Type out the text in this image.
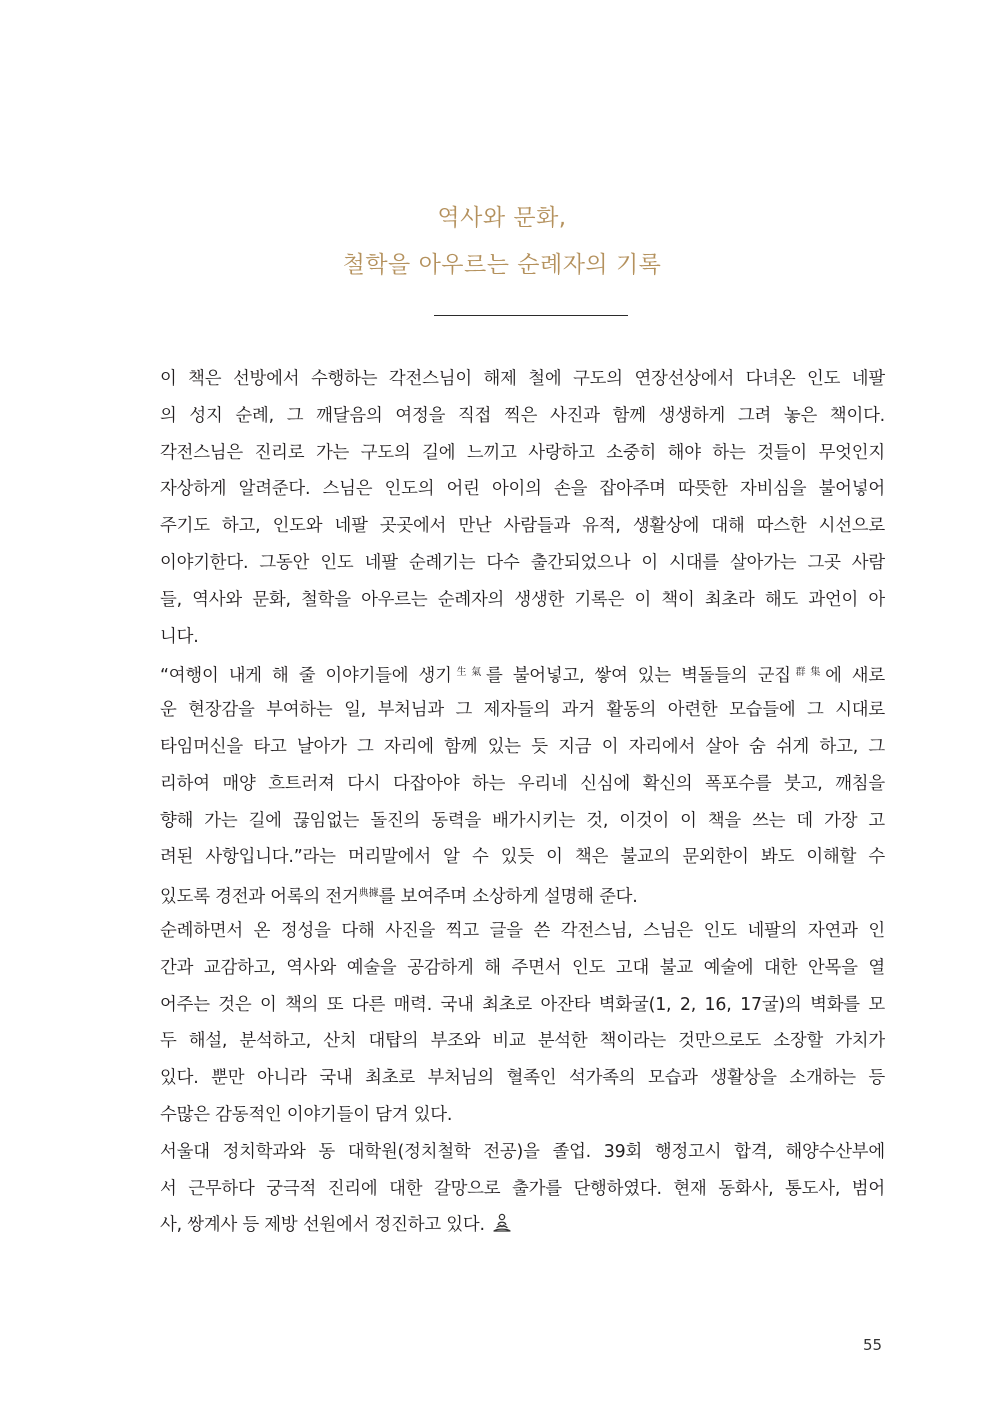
역사와 문화,
철학을 아우르는 순례자의 기록
이 책은 선방에서 수행하는 각전스님이 해제 철에 구도의 연장선상에서 다녀온 인도 네팔
의 성지 순례, 그 깨달음의 여정을 직접 찍은 사진과 함께 생생하게 그려 놓은 책이다.
각전스님은 진리로 가는 구도의 길에 느끼고 사랑하고 소중히 해야 하는 것들이 무엇인지
자상하게 알려준다. 스님은 인도의 어린 아이의 손을 잡아주며 따뜻한 자비심을 불어넣어
주기도 하고, 인도와 네팔 곳곳에서 만난 사람들과 유적, 생활상에 대해 따스한 시선으로
이야기한다. 그동안 인도 네팔 순례기는 다수 출간되었으나 이 시대를 살아가는 그곳 사람
들, 역사와 문화, 철학을 아우르는 순례자의 생생한 기록은 이 책이 최초라 해도 과언이 아
니다.
“여행이 내게 해 줄 이야기들에 생기$^{生氣}$를 불어넣고, 쌓여 있는 벽돌들의 군집$^{群集}$에 새로
운 현장감을 부여하는 일, 부처님과 그 제자들의 과거 활동의 아련한 모습들에 그 시대로
타임머신을 타고 날아가 그 자리에 함께 있는 듯 지금 이 자리에서 살아 숨 쉬게 하고, 그
리하여 매양 흐트러져 다시 다잡아야 하는 우리네 신심에 확신의 폭포수를 붓고, 깨침을
향해 가는 길에 끊임없는 돌진의 동력을 배가시키는 것, 이것이 이 책을 쓰는 데 가장 고
려된 사항입니다.”라는 머리말에서 알 수 있듯 이 책은 불교의 문외한이 봐도 이해할 수
있도록 경전과 어록의 전거$^{典據}$를 보여주며 소상하게 설명해 준다.
순례하면서 온 정성을 다해 사진을 찍고 글을 쓴 각전스님, 스님은 인도 네팔의 자연과 인
간과 교감하고, 역사와 예술을 공감하게 해 주면서 인도 고대 불교 예술에 대한 안목을 열
어주는 것은 이 책의 또 다른 매력. 국내 최초로 아잔타 벽화굴(1, 2, 16, 17굴)의 벽화를 모
두 해설, 분석하고, 산치 대탑의 부조와 비교 분석한 책이라는 것만으로도 소장할 가치가
있다. 뿐만 아니라 국내 최초로 부처님의 혈족인 석가족의 모습과 생활상을 소개하는 등
수많은 감동적인 이야기들이 담겨 있다.
서울대 정치학과와 동 대학원(정치철학 전공)을 졸업. 39회 행정고시 합격, 해양수산부에
서 근무하다 궁극적 진리에 대한 갈망으로 출가를 단행하였다. 현재 동화사, 통도사, 범어
사, 쌍계사 등 제방 선원에서 정진하고 있다.
55
